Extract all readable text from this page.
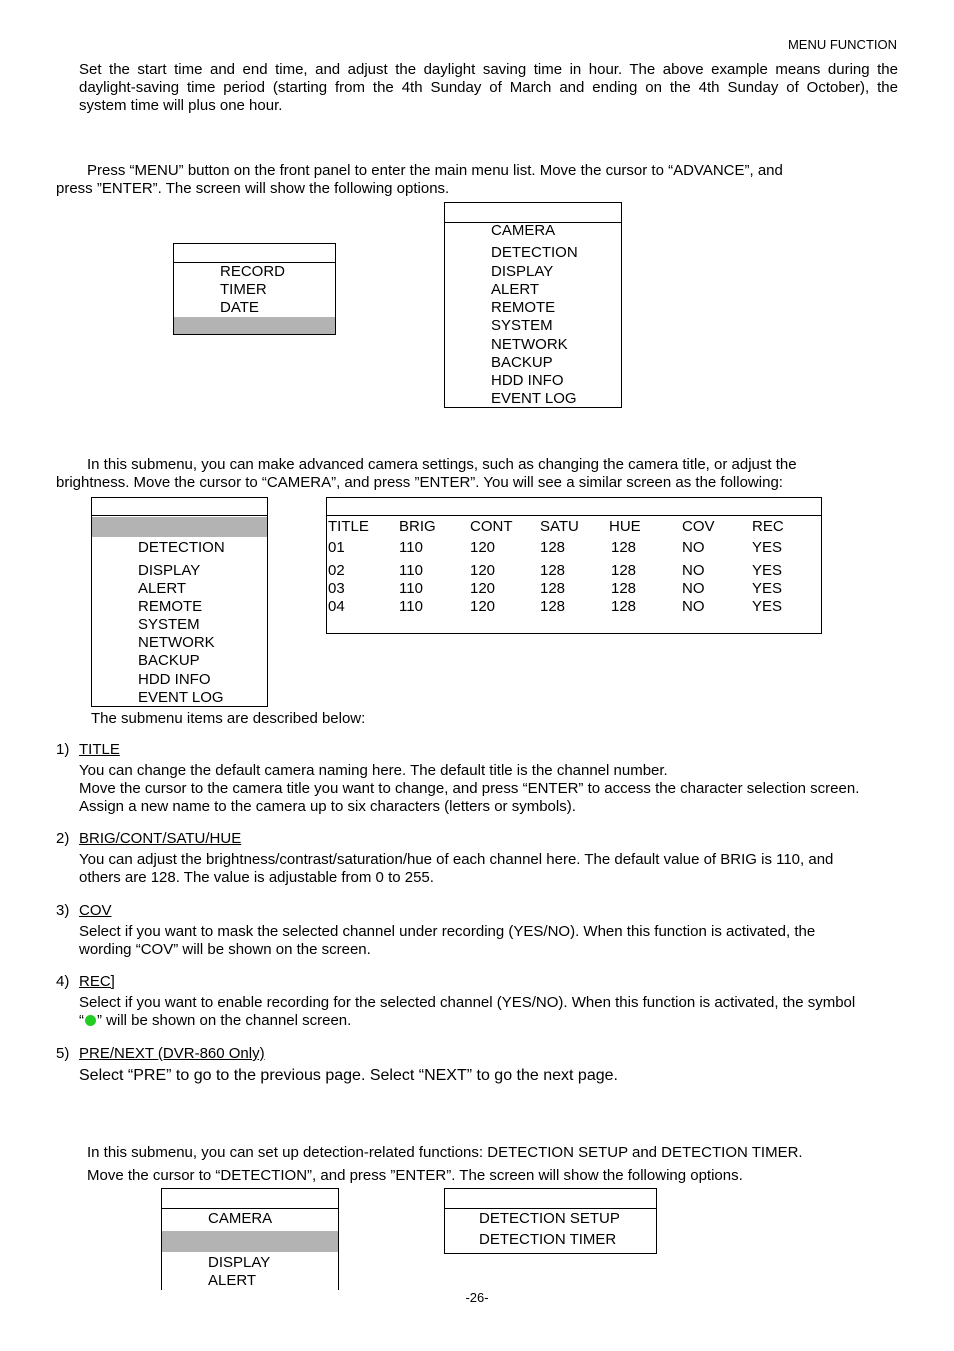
MENU FUNCTION
Set the start time and end time, and adjust the daylight saving time in hour. The above example means during the
daylight-saving time period (starting from the 4th Sunday of March and ending on the 4th Sunday of October), the
system time will plus one hour.
Press “MENU” button on the front panel to enter the main menu list. Move the cursor to “ADVANCE”, and
press ”ENTER”. The screen will show the following options.
RECORD
TIMER
DATE
CAMERA
DETECTION
DISPLAY
ALERT
REMOTE
SYSTEM
NETWORK
BACKUP
HDD INFO
EVENT LOG
In this submenu, you can make advanced camera settings, such as changing the camera title, or adjust the
brightness. Move the cursor to “CAMERA”, and press ”ENTER”. You will see a similar screen as the following:
DETECTION
DISPLAY
ALERT
REMOTE
SYSTEM
NETWORK
BACKUP
HDD INFO
EVENT LOG
TITLE BRIG CONT SATU HUE	COV REC
01	110	120	128	128	NO	YES
02	110	120	128	128	NO	YES
03	110	120	128	128	NO	YES
04	110	120	128	128	NO	YES
The submenu items are described below:
1) TITLE
You can change the default camera naming here. The default title is the channel number.
Move the cursor to the camera title you want to change, and press “ENTER” to access the character selection screen.
Assign a new name to the camera up to six characters (letters or symbols).
2) BRIG/CONT/SATU/HUE
You can adjust the brightness/contrast/saturation/hue of each channel here. The default value of BRIG is 110, and
others are 128. The value is adjustable from 0 to 255.
3) COV
Select if you want to mask the selected channel under recording (YES/NO). When this function is activated, the
wording “COV” will be shown on the screen.
4) REC]
Select if you want to enable recording for the selected channel (YES/NO). When this function is activated, the symbol
“ ” will be shown on the channel screen.
5) PRE/NEXT (DVR-860 Only)
Select “PRE” to go to the previous page. Select “NEXT” to go the next page.
In this submenu, you can set up detection-related functions: DETECTION SETUP and DETECTION TIMER.
Move the cursor to “DETECTION”, and press ”ENTER”. The screen will show the following options.
CAMERA
DISPLAY
ALERT
DETECTION SETUP
DETECTION TIMER
-26-
